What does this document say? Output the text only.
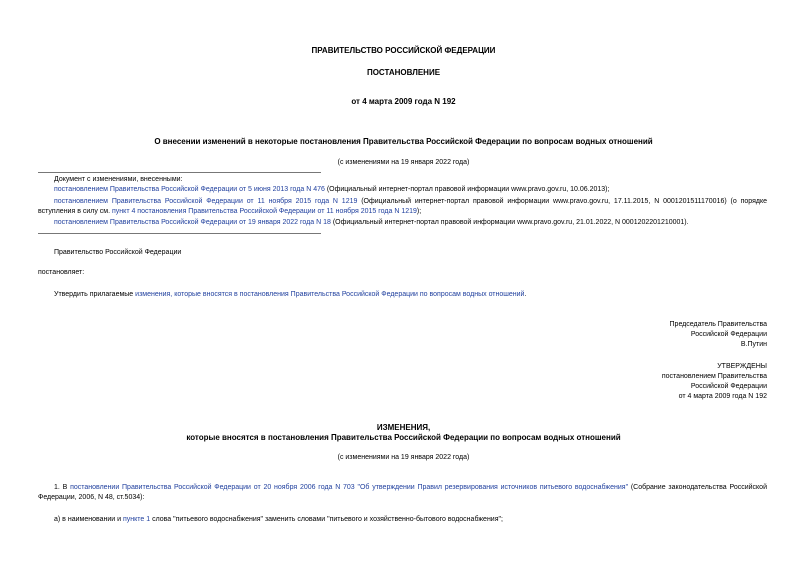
ПРАВИТЕЛЬСТВО РОССИЙСКОЙ ФЕДЕРАЦИИ
ПОСТАНОВЛЕНИЕ
от 4 марта 2009 года N 192
О внесении изменений в некоторые постановления Правительства Российской Федерации по вопросам водных отношений
(с изменениями на 19 января 2022 года)
Документ с изменениями, внесенными:
постановлением Правительства Российской Федерации от 5 июня 2013 года N 476 (Официальный интернет-портал правовой информации www.pravo.gov.ru, 10.06.2013);
постановлением Правительства Российской Федерации от 11 ноября 2015 года N 1219 (Официальный интернет-портал правовой информации www.pravo.gov.ru, 17.11.2015, N 0001201511170016) (о порядке вступления в силу см. пункт 4 постановления Правительства Российской Федерации от 11 ноября 2015 года N 1219);
постановлением Правительства Российской Федерации от 19 января 2022 года N 18 (Официальный интернет-портал правовой информации www.pravo.gov.ru, 21.01.2022, N 0001202201210001).
Правительство Российской Федерации
постановляет:
Утвердить прилагаемые изменения, которые вносятся в постановления Правительства Российской Федерации по вопросам водных отношений.
Председатель Правительства
Российской Федерации
В.Путин
УТВЕРЖДЕНЫ
постановлением Правительства
Российской Федерации
от 4 марта 2009 года N 192
ИЗМЕНЕНИЯ,
которые вносятся в постановления Правительства Российской Федерации по вопросам водных отношений
(с изменениями на 19 января 2022 года)
1. В постановлении Правительства Российской Федерации от 20 ноября 2006 года N 703 "Об утверждении Правил резервирования источников питьевого водоснабжения" (Собрание законодательства Российской Федерации, 2006, N 48, ст.5034):
а) в наименовании и пункте 1 слова "питьевого водоснабжения" заменить словами "питьевого и хозяйственно-бытового водоснабжения";
